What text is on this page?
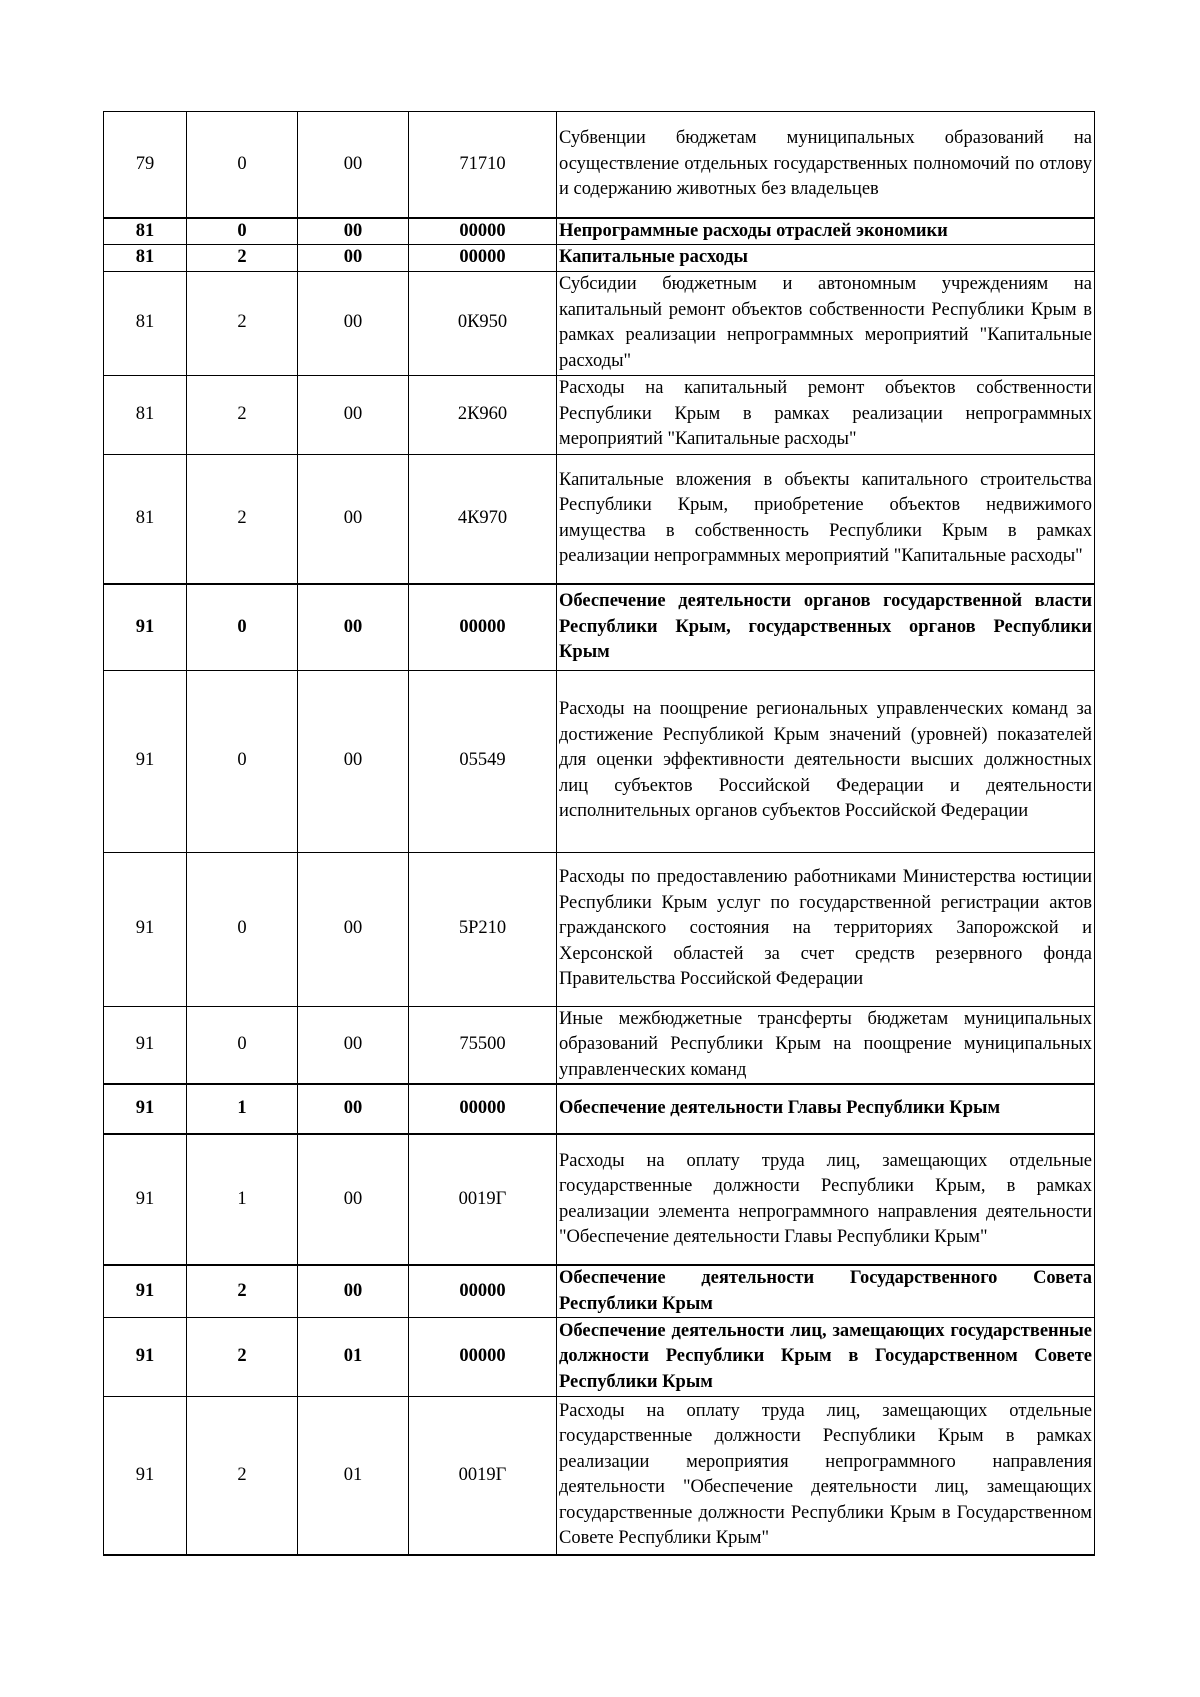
79	0	00	71710	Субвенции бюджетам муниципальных образований на осуществление отдельных государственных полномочий по отлову и содержанию животных без владельцев
81	0	00	00000	Непрограммные расходы отраслей экономики
81	2	00	00000	Капитальные расходы
81	2	00	0К950	Субсидии бюджетным и автономным учреждениям на капитальный ремонт объектов собственности Республики Крым в рамках реализации непрограммных мероприятий "Капитальные расходы"
81	2	00	2К960	Расходы на капитальный ремонт объектов собственности Республики Крым в рамках реализации непрограммных мероприятий "Капитальные расходы"
81	2	00	4К970	Капитальные вложения в объекты капитального строительства Республики Крым, приобретение объектов недвижимого имущества в собственность Республики Крым в рамках реализации непрограммных мероприятий "Капитальные расходы"
91	0	00	00000	Обеспечение деятельности органов государственной власти Республики Крым, государственных органов Республики Крым
91	0	00	05549	Расходы на поощрение региональных управленческих команд за достижение Республикой Крым значений (уровней) показателей для оценки эффективности деятельности высших должностных лиц субъектов Российской Федерации и деятельности исполнительных органов субъектов Российской Федерации
91	0	00	5Р210	Расходы по предоставлению работниками Министерства юстиции Республики Крым услуг по государственной регистрации актов гражданского состояния на территориях Запорожской и Херсонской областей за счет средств резервного фонда Правительства Российской Федерации
91	0	00	75500	Иные межбюджетные трансферты бюджетам муниципальных образований Республики Крым на поощрение муниципальных управленческих команд
91	1	00	00000	Обеспечение деятельности Главы Республики Крым
91	1	00	0019Г	Расходы на оплату труда лиц, замещающих отдельные государственные должности Республики Крым, в рамках реализации элемента непрограммного направления деятельности "Обеспечение деятельности Главы Республики Крым"
91	2	00	00000	Обеспечение деятельности Государственного Совета Республики Крым
91	2	01	00000	Обеспечение деятельности лиц, замещающих государственные должности Республики Крым в Государственном Совете Республики Крым
91	2	01	0019Г	Расходы на оплату труда лиц, замещающих отдельные государственные должности Республики Крым в рамках реализации мероприятия непрограммного направления деятельности "Обеспечение деятельности лиц, замещающих государственные должности Республики Крым в Государственном Совете Республики Крым"
